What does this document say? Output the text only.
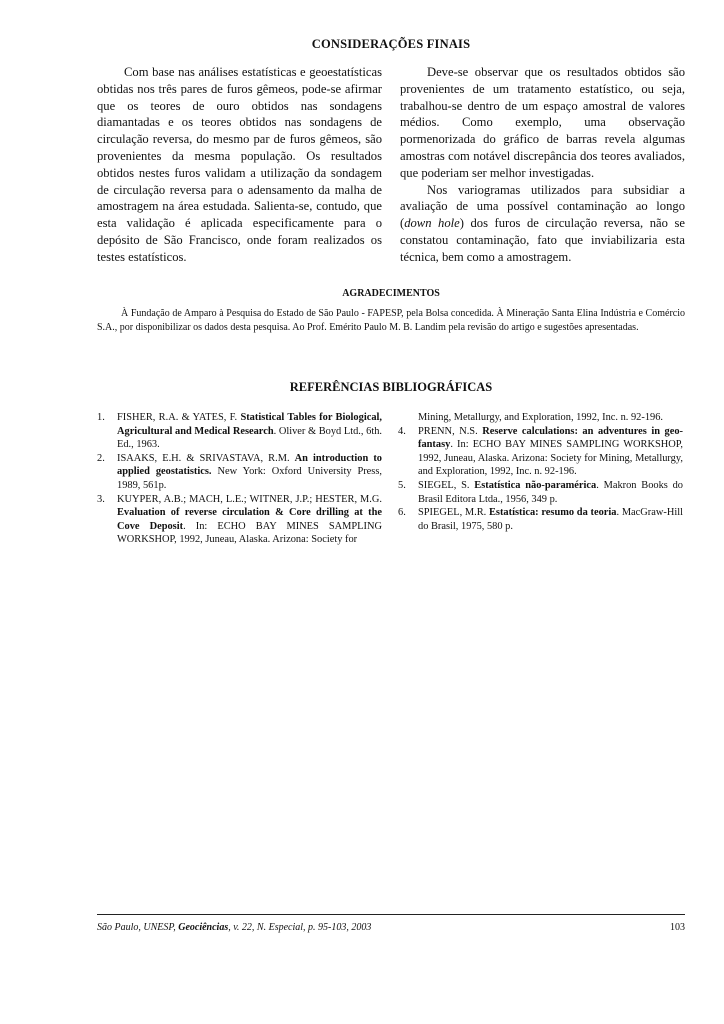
CONSIDERAÇÕES FINAIS

Com base nas análises estatísticas e geoestatísticas obtidas nos três pares de furos gêmeos, pode-se afirmar que os teores de ouro obtidos nas sondagens diamantadas e os teores obtidos nas sondagens de circulação reversa, do mesmo par de furos gêmeos, são provenientes da mesma população. Os resultados obtidos nestes furos validam a utilização da sondagem de circulação reversa para o adensamento da malha de amostragem na área estudada. Salienta-se, contudo, que esta validação é aplicada especificamente para o depósito de São Francisco, onde foram realizados os testes estatísticos.

Deve-se observar que os resultados obtidos são provenientes de um tratamento estatístico, ou seja, trabalhou-se dentro de um espaço amostral de valores médios. Como exemplo, uma observação pormenorizada do gráfico de barras revela algumas amostras com notável discrepância dos teores avaliados, que poderiam ser melhor investigadas.

Nos variogramas utilizados para subsidiar a avaliação de uma possível contaminação ao longo (down hole) dos furos de circulação reversa, não se constatou contaminação, fato que inviabilizaria esta técnica, bem como a amostragem.

AGRADECIMENTOS

À Fundação de Amparo à Pesquisa do Estado de São Paulo - FAPESP, pela Bolsa concedida. À Mineração Santa Elina Indústria e Comércio S.A., por disponibilizar os dados desta pesquisa. Ao Prof. Emérito Paulo M. B. Landim pela revisão do artigo e sugestões apresentadas.

REFERÊNCIAS BIBLIOGRÁFICAS
1. FISHER, R.A. & YATES, F. Statistical Tables for Biological, Agricultural and Medical Research. Oliver & Boyd Ltd., 6th. Ed., 1963.
2. ISAAKS, E.H. & SRIVASTAVA, R.M. An introduction to applied geostatistics. New York: Oxford University Press, 1989, 561p.
3. KUYPER, A.B.; MACH, L.E.; WITNER, J.P.; HESTER, M.G. Evaluation of reverse circulation & Core drilling at the Cove Deposit. In: ECHO BAY MINES SAMPLING WORKSHOP, 1992, Juneau, Alaska. Arizona: Society for
Mining, Metallurgy, and Exploration, 1992, Inc. n. 92-196.
4. PRENN, N.S. Reserve calculations: an adventures in geo-fantasy. In: ECHO BAY MINES SAMPLING WORKSHOP, 1992, Juneau, Alaska. Arizona: Society for Mining, Metallurgy, and Exploration, 1992, Inc. n. 92-196.
5. SIEGEL, S. Estatística não-paramérica. Makron Books do Brasil Editora Ltda., 1956, 349 p.
6. SPIEGEL, M.R. Estatística: resumo da teoria. MacGraw-Hill do Brasil, 1975, 580 p.
São Paulo, UNESP, Geociências, v. 22, N. Especial, p. 95-103, 2003	103
